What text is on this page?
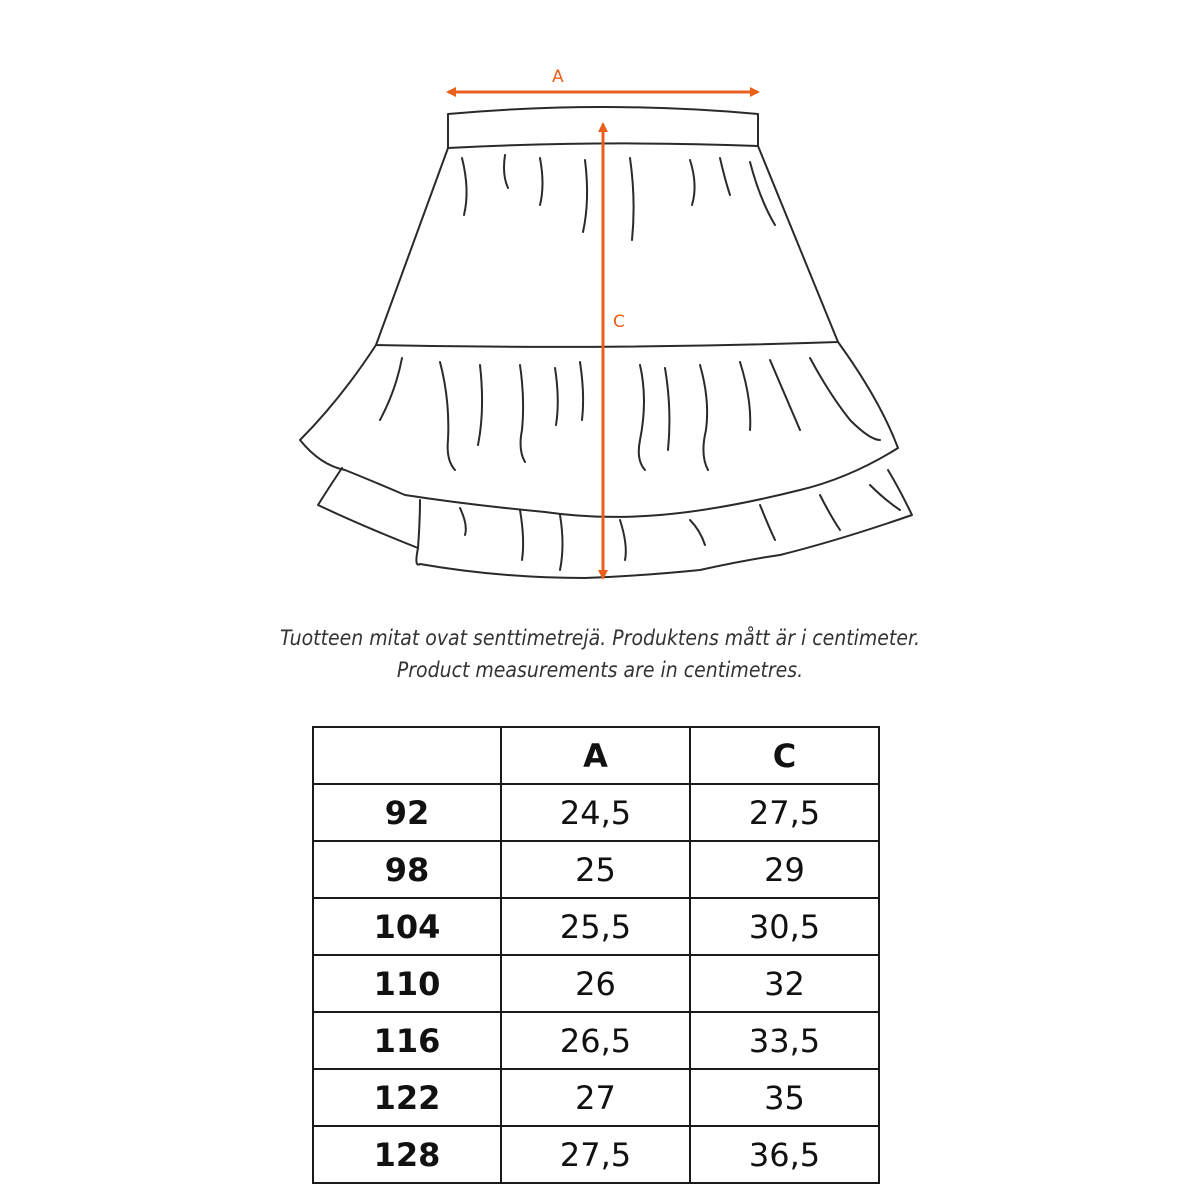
A
C
Tuotteen mitat ovat senttimetrejä. Produktens mått är i centimeter.
Product measurements are in centimetres.
	A	C
92	24,5	27,5
98	25	29
104	25,5	30,5
110	26	32
116	26,5	33,5
122	27	35
128	27,5	36,5
